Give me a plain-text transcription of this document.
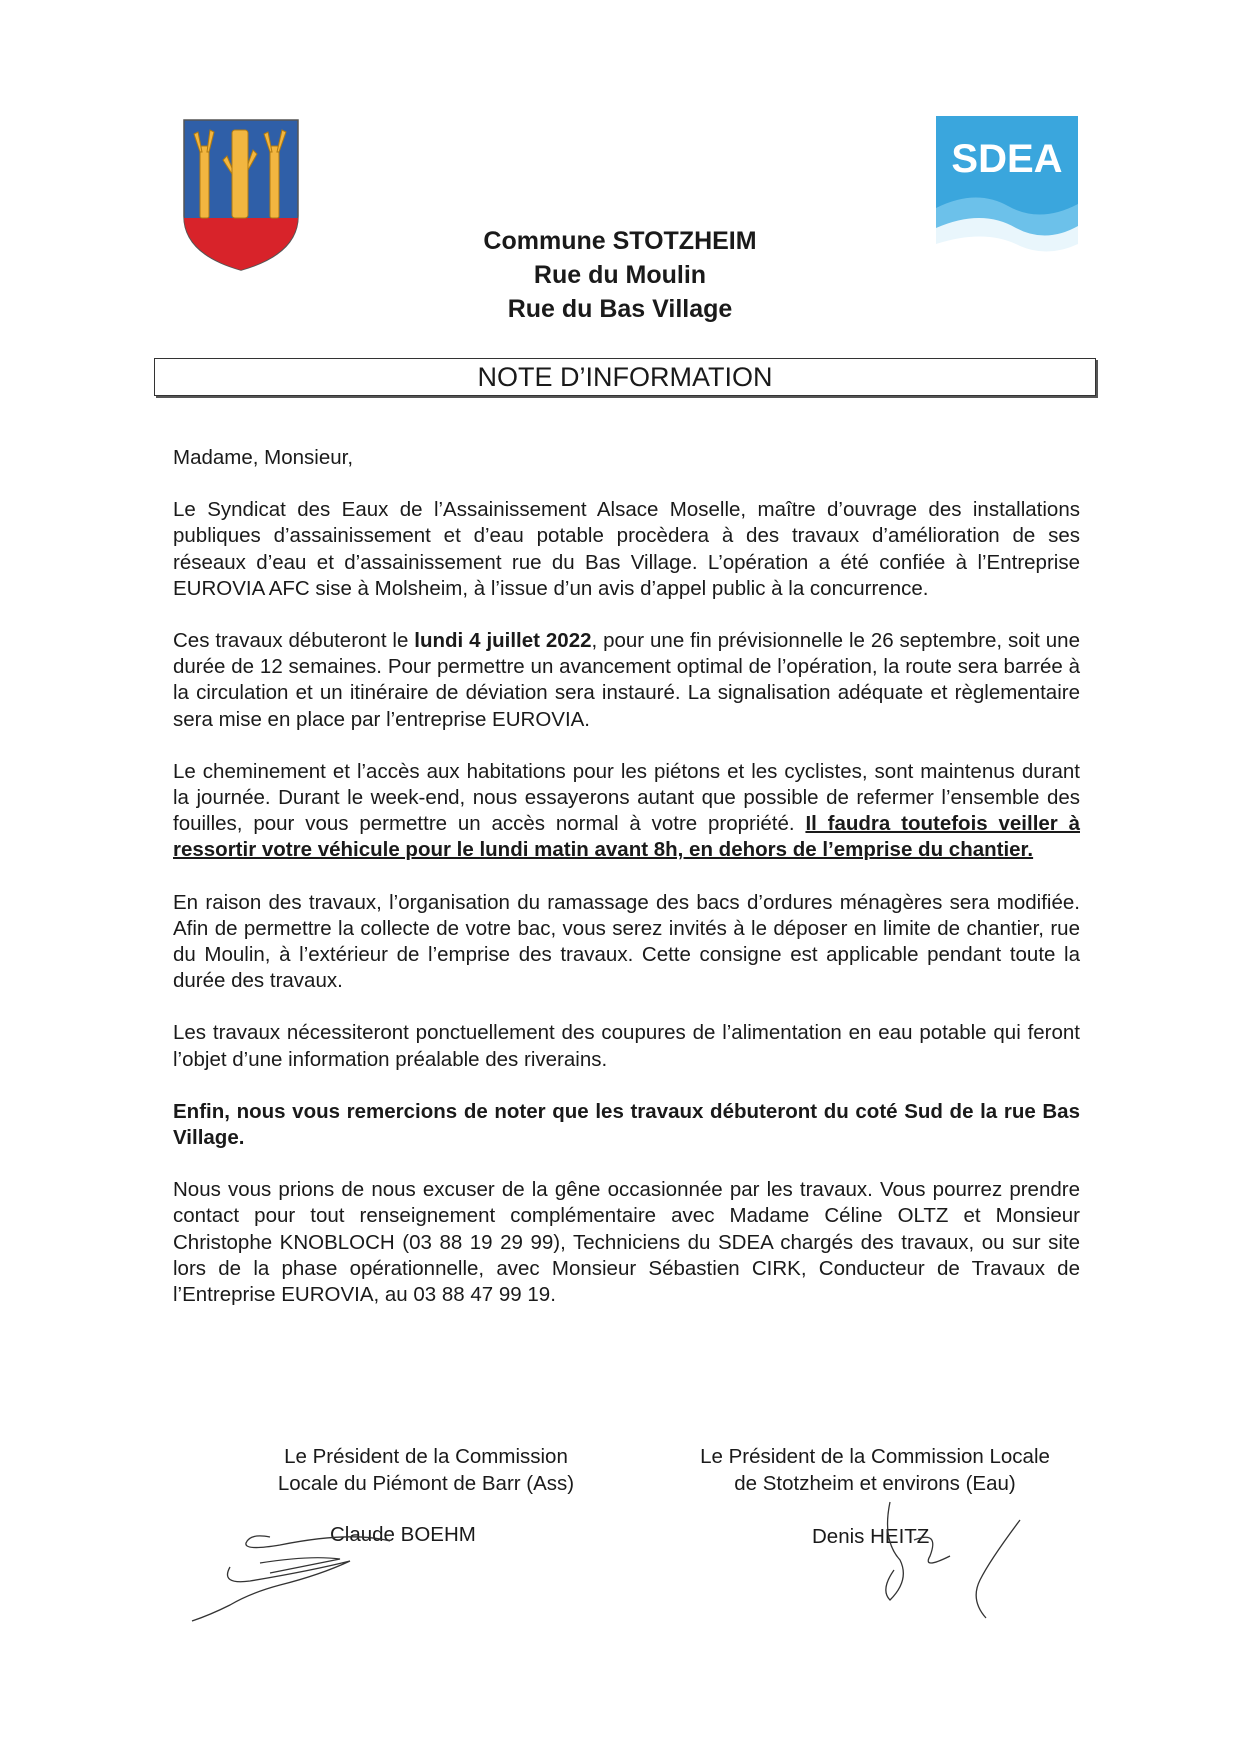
SDEA
Commune STOTZHEIM
Rue du Moulin
Rue du Bas Village
NOTE D’INFORMATION

Madame, Monsieur,

Le Syndicat des Eaux de l’Assainissement Alsace Moselle, maître d’ouvrage des installations publiques d’assainissement et d’eau potable procèdera à des travaux d’amélioration de ses réseaux d’eau et d’assainissement rue du Bas Village. L’opération a été confiée à l’Entreprise EUROVIA AFC sise à Molsheim, à l’issue d’un avis d’appel public à la concurrence.

Ces travaux débuteront le lundi 4 juillet 2022, pour une fin prévisionnelle le 26 septembre, soit une durée de 12 semaines. Pour permettre un avancement optimal de l’opération, la route sera barrée à la circulation et un itinéraire de déviation sera instauré. La signalisation adéquate et règlementaire sera mise en place par l’entreprise EUROVIA.

Le cheminement et l’accès aux habitations pour les piétons et les cyclistes, sont maintenus durant la journée. Durant le week-end, nous essayerons autant que possible de refermer l’ensemble des fouilles, pour vous permettre un accès normal à votre propriété. Il faudra toutefois veiller à ressortir votre véhicule pour le lundi matin avant 8h, en dehors de l’emprise du chantier.

En raison des travaux, l’organisation du ramassage des bacs d’ordures ménagères sera modifiée. Afin de permettre la collecte de votre bac, vous serez invités à le déposer en limite de chantier, rue du Moulin, à l’extérieur de l’emprise des travaux. Cette consigne est applicable pendant toute la durée des travaux.

Les travaux nécessiteront ponctuellement des coupures de l’alimentation en eau potable qui feront l’objet d’une information préalable des riverains.

Enfin, nous vous remercions de noter que les travaux débuteront du coté Sud de la rue Bas Village.

Nous vous prions de nous excuser de la gêne occasionnée par les travaux. Vous pourrez prendre contact pour tout renseignement complémentaire avec Madame Céline OLTZ et Monsieur Christophe KNOBLOCH (03 88 19 29 99), Techniciens du SDEA chargés des travaux, ou sur site lors de la phase opérationnelle, avec Monsieur Sébastien CIRK, Conducteur de Travaux de l’Entreprise EUROVIA, au 03 88 47 99 19.

Le Président de la Commission
Locale du Piémont de Barr (Ass)
Claude BOEHM
Le Président de la Commission Locale
de Stotzheim et environs (Eau)
Denis HEITZ
